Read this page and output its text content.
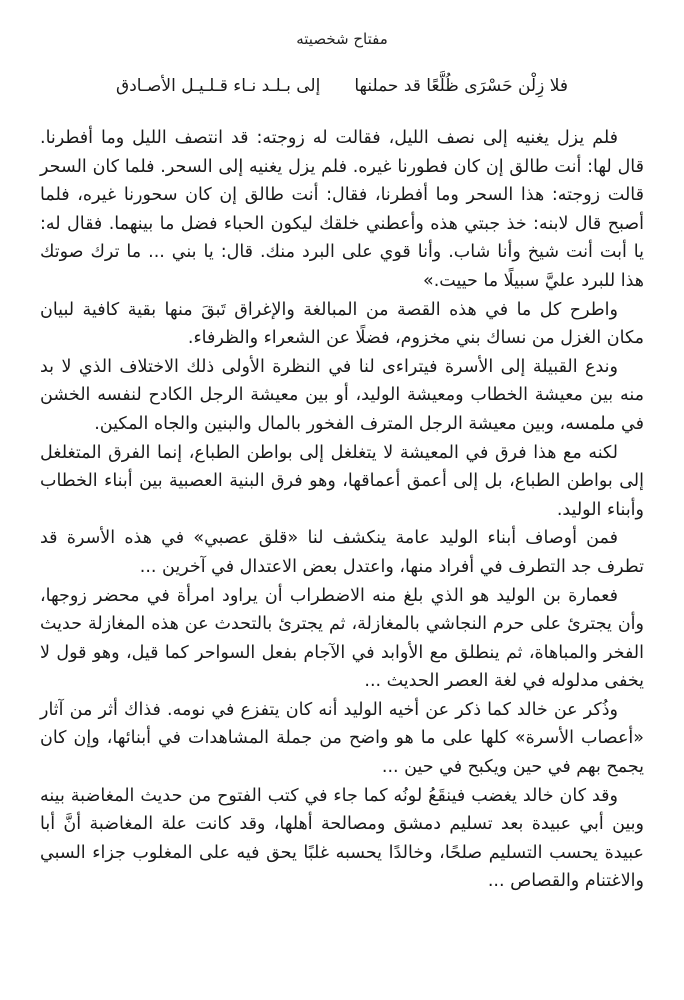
مفتاح شخصيته
فلا زِلْن حَسْرَى ظُلَّعًا قد حملنها
إلى بـلـد نـاء قـلـيـل الأصـادق

فلم يزل يغنيه إلى نصف الليل، فقالت له زوجته: قد انتصف الليل وما أفطرنا. قال لها: أنت طالق إن كان فطورنا غيره. فلم يزل يغنيه إلى السحر. فلما كان السحر قالت زوجته: هذا السحر وما أفطرنا، فقال: أنت طالق إن كان سحورنا غيره، فلما أصبح قال لابنه: خذ جبتي هذه وأعطني خلقك ليكون الحباء فضل ما بينهما. فقال له: يا أبت أنت شيخ وأنا شاب. وأنا قوي على البرد منك. قال: يا بني ... ما ترك صوتك هذا للبرد عليَّ سبيلًا ما حييت.»

واطرح كل ما في هذه القصة من المبالغة والإغراق تَبقَ منها بقية كافية لبيان مكان الغزل من نساك بني مخزوم، فضلًا عن الشعراء والظرفاء.

وندع القبيلة إلى الأسرة فيتراءى لنا في النظرة الأولى ذلك الاختلاف الذي لا بد منه بين معيشة الخطاب ومعيشة الوليد، أو بين معيشة الرجل الكادح لنفسه الخشن في ملمسه، وبين معيشة الرجل المترف الفخور بالمال والبنين والجاه المكين.

لكنه مع هذا فرق في المعيشة لا يتغلغل إلى بواطن الطباع، إنما الفرق المتغلغل إلى بواطن الطباع، بل إلى أعمق أعماقها، وهو فرق البنية العصبية بين أبناء الخطاب وأبناء الوليد.

فمن أوصاف أبناء الوليد عامة ينكشف لنا «قلق عصبي» في هذه الأسرة قد تطرف جد التطرف في أفراد منها، واعتدل بعض الاعتدال في آخرين ...

فعمارة بن الوليد هو الذي بلغ منه الاضطراب أن يراود امرأة في محضر زوجها، وأن يجترئ على حرم النجاشي بالمغازلة، ثم يجترئ بالتحدث عن هذه المغازلة حديث الفخر والمباهاة، ثم ينطلق مع الأوابد في الآجام بفعل السواحر كما قيل، وهو قول لا يخفى مدلوله في لغة العصر الحديث ...

وذُكر عن خالد كما ذكر عن أخيه الوليد أنه كان يتفزع في نومه. فذاك أثر من آثار «أعصاب الأسرة» كلها على ما هو واضح من جملة المشاهدات في أبنائها، وإن كان يجمح بهم في حين ويكبح في حين ...

وقد كان خالد يغضب فينقَعُ لونُه كما جاء في كتب الفتوح من حديث المغاضبة بينه وبين أبي عبيدة بعد تسليم دمشق ومصالحة أهلها، وقد كانت علة المغاضبة أنَّ أبا عبيدة يحسب التسليم صلحًا، وخالدًا يحسبه غلبًا يحق فيه على المغلوب جزاء السبي والاغتنام والقصاص ...
